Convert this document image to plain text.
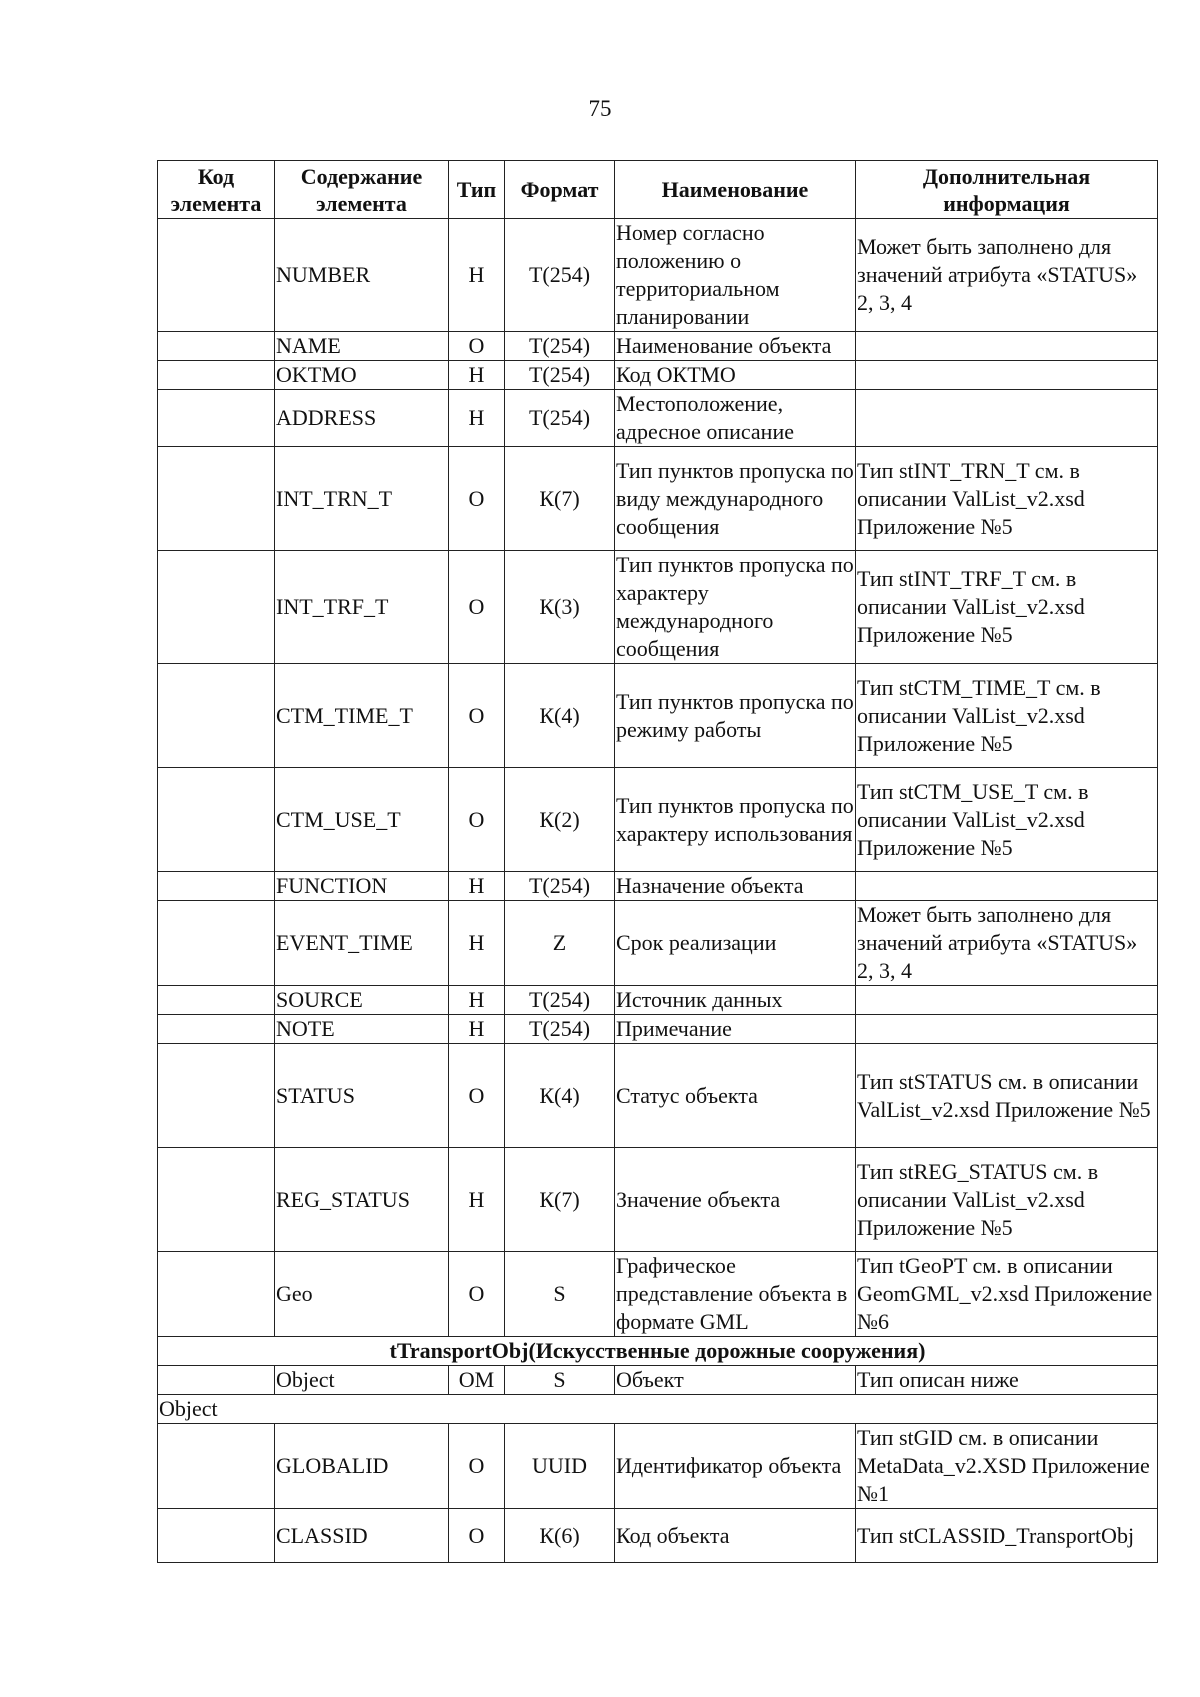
75
Код элемента	Содержание элемента	Тип	Формат	Наименование	Дополнительная информация
	NUMBER	Н	Т(254)	Номер согласно положению о территориальном планировании	Может быть заполнено для значений атрибута «STATUS» 2, 3, 4
	NAME	О	Т(254)	Наименование объекта	
	OKTMO	Н	Т(254)	Код ОКТМО	
	ADDRESS	Н	Т(254)	Местоположение, адресное описание	
	INT_TRN_T	О	К(7)	Тип пунктов пропуска по виду международного сообщения	Тип stINT_TRN_T см. в описании ValList_v2.xsd Приложение №5
	INT_TRF_T	О	К(3)	Тип пунктов пропуска по характеру международного сообщения	Тип stINT_TRF_T см. в описании ValList_v2.xsd Приложение №5
	CTM_TIME_T	О	К(4)	Тип пунктов пропуска по режиму работы	Тип stCTM_TIME_T см. в описании ValList_v2.xsd Приложение №5
	CTM_USE_T	О	К(2)	Тип пунктов пропуска по характеру использования	Тип stCTM_USE_T см. в описании ValList_v2.xsd Приложение №5
	FUNCTION	Н	Т(254)	Назначение объекта	
	EVENT_TIME	Н	Z	Срок реализации	Может быть заполнено для значений атрибута «STATUS» 2, 3, 4
	SOURCE	Н	Т(254)	Источник данных	
	NOTE	Н	Т(254)	Примечание	
	STATUS	О	К(4)	Статус объекта	Тип stSTATUS см. в описании ValList_v2.xsd Приложение №5
	REG_STATUS	Н	К(7)	Значение объекта	Тип stREG_STATUS см. в описании ValList_v2.xsd Приложение №5
	Geo	О	S	Графическое представление объекта в формате GML	Тип tGeoPT см. в описании GeomGML_v2.xsd Приложение №6
tTransportObj(Искусственные дорожные сооружения)					
	Object	ОМ	S	Объект	Тип описан ниже
Object					
	GLOBALID	О	UUID	Идентификатор объекта	Тип stGID см. в описании MetaData_v2.XSD Приложение №1
	CLASSID	О	К(6)	Код объекта	Тип stCLASSID_TransportObj
